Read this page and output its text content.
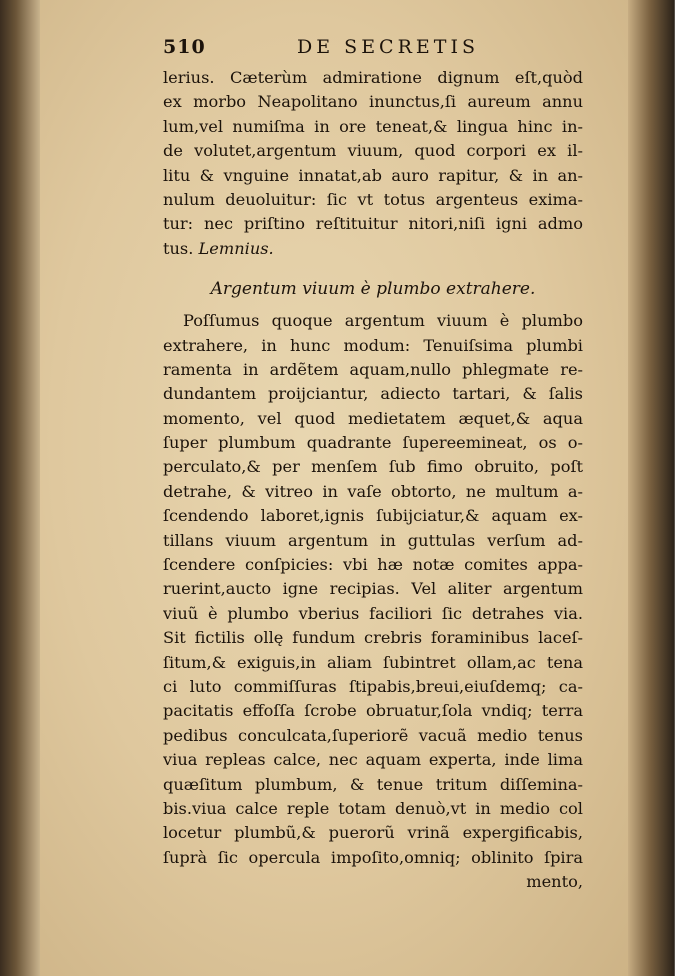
510	DE SECRETIS
lerius. Cæterùm admiratione dignum eſt,quòd
ex morbo Neapolitano inunctus,ſi aureum annu
lum,vel numiſma in ore teneat,& lingua hinc in-
de volutet,argentum viuum, quod corpori ex il-
litu & vnguine innatat,ab auro rapitur, & in an-
nulum deuoluitur: ſic vt totus argenteus exima-
tur: nec priſtino reſtituitur nitori,niſi igni admo
tus. Lemnius.
Argentum viuum è plumbo extrahere.
Poſſumus quoque argentum viuum è plumbo
extrahere, in hunc modum: Tenuiſsima plumbi
ramenta in ardẽtem aquam,nullo phlegmate re-
dundantem proijciantur, adiecto tartari, & ſalis
momento, vel quod medietatem æquet,& aqua
ſuper plumbum quadrante ſupereemineat, os o-
perculato,& per menſem ſub fimo obruito, poſt
detrahe, & vitreo in vaſe obtorto, ne multum a-
ſcendendo laboret,ignis ſubijciatur,& aquam ex-
tillans viuum argentum in guttulas verſum ad-
ſcendere conſpicies: vbi hæ notæ comites appa-
ruerint,aucto igne recipias. Vel aliter argentum
viuũ è plumbo vberius faciliori ſic detrahes via.
Sit fictilis ollę fundum crebris foraminibus laceſ-
ſitum,& exiguis,in aliam ſubintret ollam,ac tena
ci luto commiſſuras ſtipabis,breui,eiuſdemq; ca-
pacitatis effoſſa ſcrobe obruatur,ſola vndiq; terra
pedibus conculcata,ſuperiorẽ vacuã medio tenus
viua repleas calce, nec aquam experta, inde lima
quæſitum plumbum, & tenue tritum diſſemina-
bis.viua calce reple totam denuò,vt in medio col
locetur plumbũ,& puerorũ vrinã expergificabis,
ſuprà ſic opercula impoſito,omniq; oblinito ſpira
mento,
